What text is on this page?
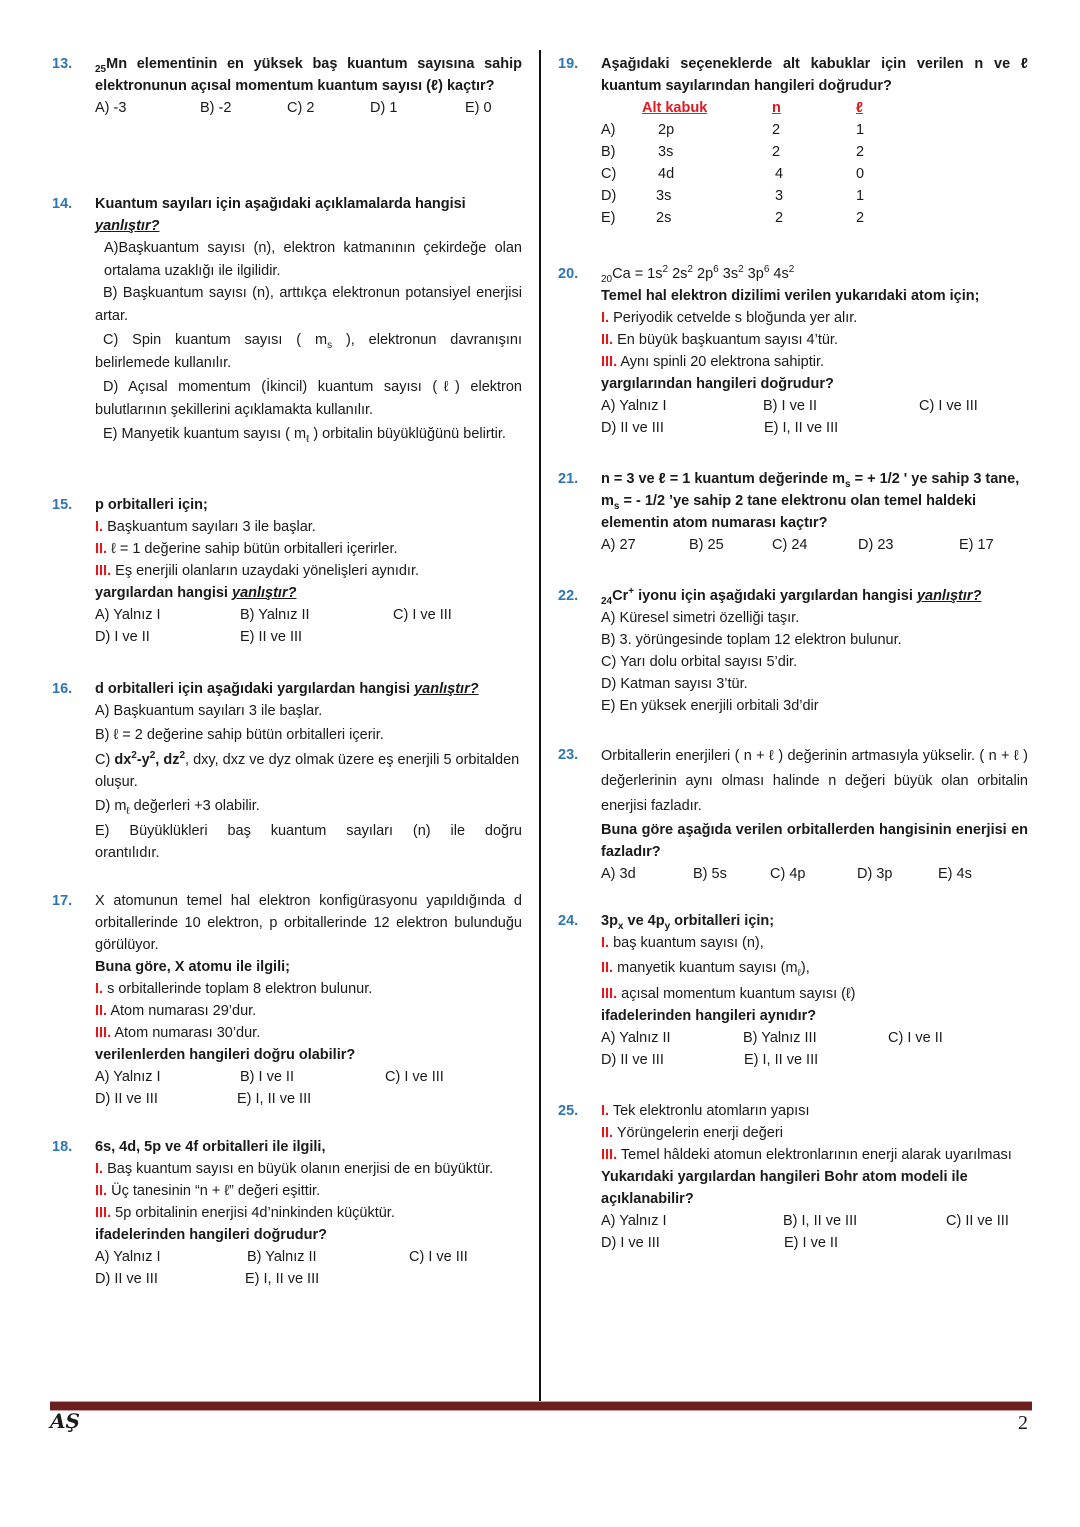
13. $_{25}$Mn elementinin en yüksek baş kuantum sayısına sahip elektronunun açısal momentum kuantum sayısı (ℓ) kaçtır?
A) -3	B) -2	C) 2	D) 1	E) 0
14. Kuantum sayıları için aşağıdaki açıklamalarda hangisi
yanlıştır?
A)Başkuantum sayısı (n), elektron katmanının çekirdeğe olan ortalama uzaklığı ile ilgilidir.
B) Başkuantum sayısı (n), arttıkça elektronun potansiyel enerjisi artar.
C) Spin kuantum sayısı ( $m_s$ ), elektronun davranışını belirlemede kullanılır.
D) Açısal momentum (İkincil) kuantum sayısı (ℓ) elektron bulutlarının şekillerini açıklamakta kullanılır.
E) Manyetik kuantum sayısı ( $m_\ell$ ) orbitalin büyüklüğünü belirtir.
15. p orbitalleri için;
I. Başkuantum sayıları 3 ile başlar.
II. ℓ = 1 değerine sahip bütün orbitalleri içerirler.
III. Eş enerjili olanların uzaydaki yönelişleri aynıdır.
yargılardan hangisi yanlıştır?
A) Yalnız I	B) Yalnız II	C) I ve III
D) I ve II	E) II ve III
16. d orbitalleri için aşağıdaki yargılardan hangisi yanlıştır?
A) Başkuantum sayıları 3 ile başlar.
B) ℓ = 2 değerine sahip bütün orbitalleri içerir.
C) $dx^2-y^2$, $dz^2$, dxy, dxz ve dyz olmak üzere eş enerjili 5 orbitalden oluşur.
D) $m_\ell$ değerleri +3 olabilir.
E) Büyüklükleri baş kuantum sayıları (n) ile doğru orantılıdır.
17. X atomunun temel hal elektron konfigürasyonu yapıldığında d orbitallerinde 10 elektron, p orbitallerinde 12 elektron bulunduğu görülüyor.
Buna göre, X atomu ile ilgili;
I. s orbitallerinde toplam 8 elektron bulunur.
II. Atom numarası 29’dur.
III. Atom numarası 30’dur.
verilenlerden hangileri doğru olabilir?
A) Yalnız I	B) I ve II	C) I ve III
D) II ve III	E) I, II ve III
18. 6s, 4d, 5p ve 4f orbitalleri ile ilgili,
I. Baş kuantum sayısı en büyük olanın enerjisi de en büyüktür.
II. Üç tanesinin “n + ℓ” değeri eşittir.
III. 5p orbitalinin enerjisi 4d’ninkinden küçüktür.
ifadelerinden hangileri doğrudur?
A) Yalnız I	B) Yalnız II	C) I ve III
D) II ve III	E) I, II ve III
19. Aşağıdaki seçeneklerde alt kabuklar için verilen n ve ℓ kuantum sayılarından hangileri doğrudur?
	Alt kabuk	n	ℓ
A)	2p	2	1
B)	3s	2	2
C)	4d	4	0
D)	3s	3	1
E)	2s	2	2
20. $_{20}Ca = 1s^2$ $2s^2$ $2p^6$ $3s^2$ $3p^6$ $4s^2$
Temel hal elektron dizilimi verilen yukarıdaki atom için;
I. Periyodik cetvelde s bloğunda yer alır.
II. En büyük başkuantum sayısı 4’tür.
III. Aynı spinli 20 elektrona sahiptir.
yargılarından hangileri doğrudur?
A) Yalnız I	B) I ve II	C) I ve III
D) II ve III	E) I, II ve III
21. n = 3 ve ℓ = 1 kuantum değerinde $m_s$ = + 1/2 ' ye sahip 3 tane, $m_s$ = - 1/2 ’ye sahip 2 tane elektronu olan temel haldeki elementin atom numarası kaçtır?
A) 27	B) 25	C) 24	D) 23	E) 17
22. $_{24}$Cr+ iyonu için aşağıdaki yargılardan hangisi yanlıştır?
A) Küresel simetri özelliği taşır.
B) 3. yörüngesinde toplam 12 elektron bulunur.
C) Yarı dolu orbital sayısı 5’dir.
D) Katman sayısı 3’tür.
E) En yüksek enerjili orbitali 3d’dir
23. Orbitallerin enerjileri ( n + ℓ ) değerinin artmasıyla yükselir. ( n + ℓ ) değerlerinin aynı olması halinde n değeri büyük olan orbitalin enerjisi fazladır.
Buna göre aşağıda verilen orbitallerden hangisinin enerjisi en fazladır?
A) 3d	B) 5s	C) 4p	D) 3p	E) 4s
24. $3p_x$ ve $4p_y$ orbitalleri için;
I. baş kuantum sayısı (n),
II. manyetik kuantum sayısı $(m_\ell)$,
III. açısal momentum kuantum sayısı (ℓ)
ifadelerinden hangileri aynıdır?
A) Yalnız II	B) Yalnız III	C) I ve II
D) II ve III	E) I, II ve III
25. I. Tek elektronlu atomların yapısı
II. Yörüngelerin enerji değeri
III. Temel hâldeki atomun elektronlarının enerji alarak uyarılması
Yukarıdaki yargılardan hangileri Bohr atom modeli ile açıklanabilir?
A) Yalnız I	B) I, II ve III	C) II ve III
D) I ve III	E) I ve II
AŞ	2
